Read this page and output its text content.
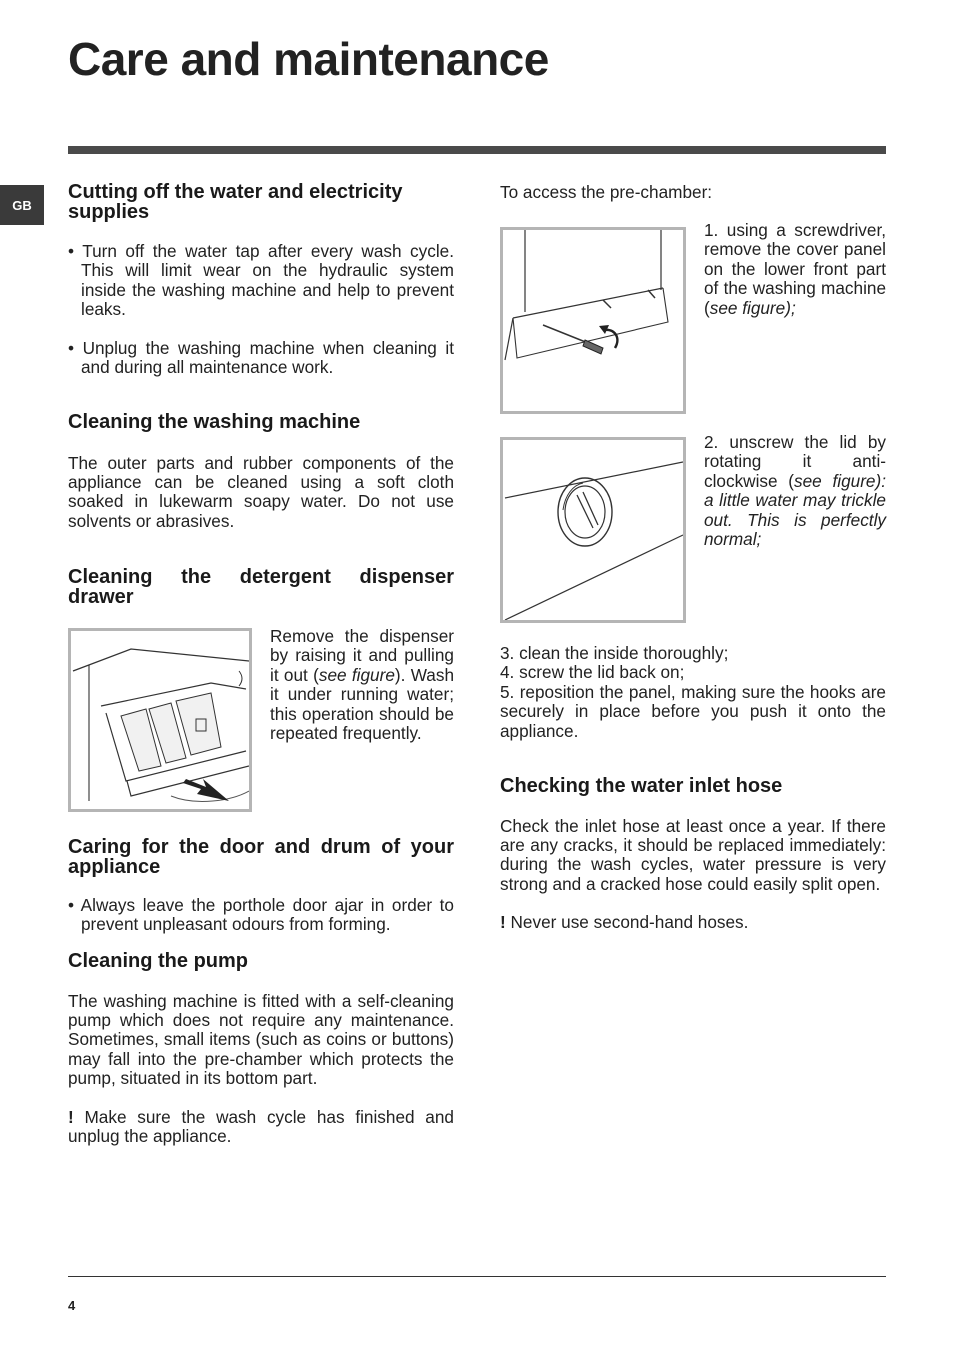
Care and maintenance
GB
Cutting off the water and electricity supplies

• Turn off the water tap after every wash cycle. This will limit wear on the hydraulic system inside the washing machine and help to prevent leaks.

• Unplug the washing machine when cleaning it and during all maintenance work.

Cleaning the washing machine

The outer parts and rubber components of the appliance can be cleaned using a soft cloth soaked in lukewarm soapy water. Do not use solvents or abrasives.

Cleaning the detergent dispenser drawer

Remove the dispenser by raising it and pulling it out (see figure). Wash it under running water; this operation should be repeated frequently.

Caring for the door and drum of your appliance

• Always leave the porthole door ajar in order to prevent unpleasant odours from forming.

Cleaning the pump

The washing machine is fitted with a self-cleaning pump which does not require any maintenance. Sometimes, small items (such as coins or buttons) may fall into the pre-chamber which protects the pump, situated in its bottom part.

! Make sure the wash cycle has finished and unplug the appliance.

To access the pre-chamber:

1. using a screwdriver, remove the cover panel on the lower front part of the washing machine (see figure);

2. unscrew the lid by rotating it anti-clockwise (see figure): a little water may trickle out. This is perfectly normal;

3. clean the inside thoroughly;

4. screw the lid back on;

5. reposition the panel, making sure the hooks are securely in place before you push it onto the appliance.

Checking the water inlet hose

Check the inlet hose at least once a year. If there are any cracks, it should be replaced immediately: during the wash cycles, water pressure is very strong and a cracked hose could easily split open.

! Never use second-hand hoses.

4
